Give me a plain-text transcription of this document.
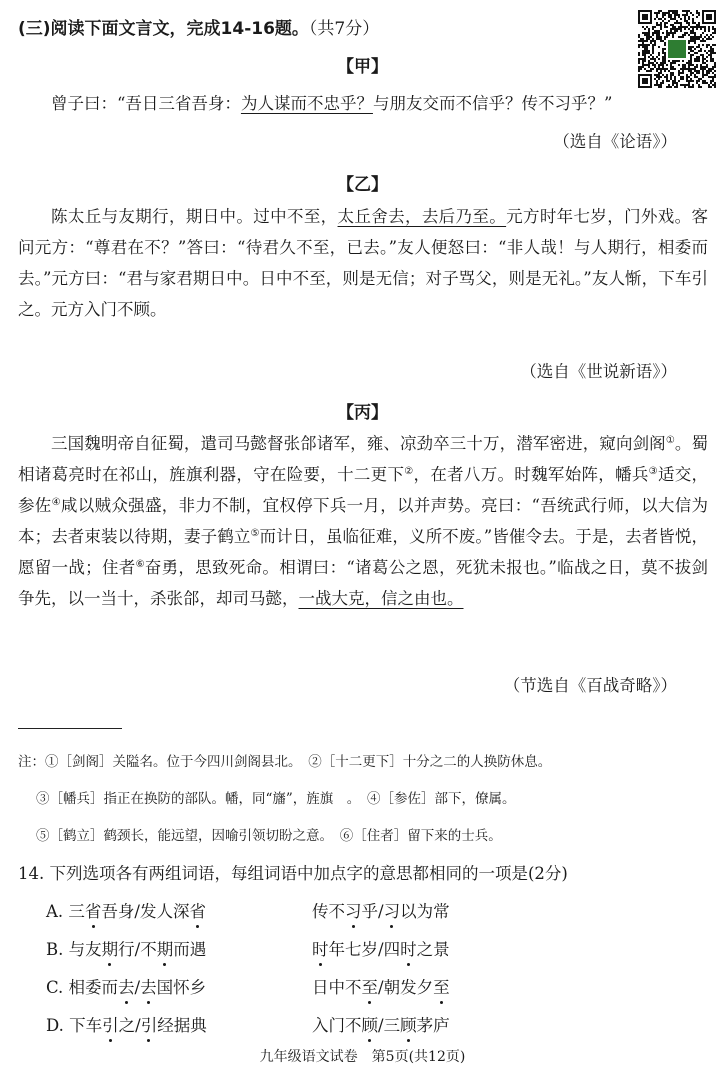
(三)阅读下面文言文，完成14-16题。（共7分）
【甲】

曾子曰：“吾日三省吾身：为人谋而不忠乎？与朋友交而不信乎？传不习乎？”

（选自《论语》）
【乙】

陈太丘与友期行，期日中。过中不至，太丘舍去，去后乃至。元方时年七岁，门外戏。客问元方：“尊君在不？”答曰：“待君久不至，已去。”友人便怒曰：“非人哉！与人期行，相委而去。”元方曰：“君与家君期日中。日中不至，则是无信；对子骂父，则是无礼。”友人惭，下车引之。元方入门不顾。

（选自《世说新语》）
【丙】

三国魏明帝自征蜀，遣司马懿督张郃诸军，雍、凉劲卒三十万，潜军密进，窥向剑阁①。蜀相诸葛亮时在祁山，旌旗利器，守在险要，十二更下②，在者八万。时魏军始阵，幡兵③适交，参佐④咸以贼众强盛，非力不制，宜权停下兵一月，以并声势。亮曰：“吾统武行师，以大信为本；去者束装以待期，妻子鹤立⑤而计日，虽临征难，义所不废。”皆催令去。于是，去者皆悦，愿留一战；住者⑥奋勇，思致死命。相谓曰：“诸葛公之恩，死犹未报也。”临战之日，莫不拔剑争先，以一当十，杀张郃，却司马懿，一战大克，信之由也。

（节选自《百战奇略》）
注：①［剑阁］关隘名。位于今四川剑阁县北。　②［十二更下］十分之二的人换防休息。
③［幡兵］指正在换防的部队。幡，同“旛”，旌旗　。　④［参佐］部下，僚属。
⑤［鹤立］鹤颈长，能远望，因喻引领切盼之意。　⑥［住者］留下来的士兵。
14. 下列选项各有两组词语，每组词语中加点字的意思都相同的一项是(2分)
A. 三省吾身/发人深省	传不习乎/习以为常
B. 与友期行/不期而遇	时年七岁/四时之景
C. 相委而去/去国怀乡	日中不至/朝发夕至
D. 下车引之/引经据典	入门不顾/三顾茅庐
九年级语文试卷　第5页(共12页)
